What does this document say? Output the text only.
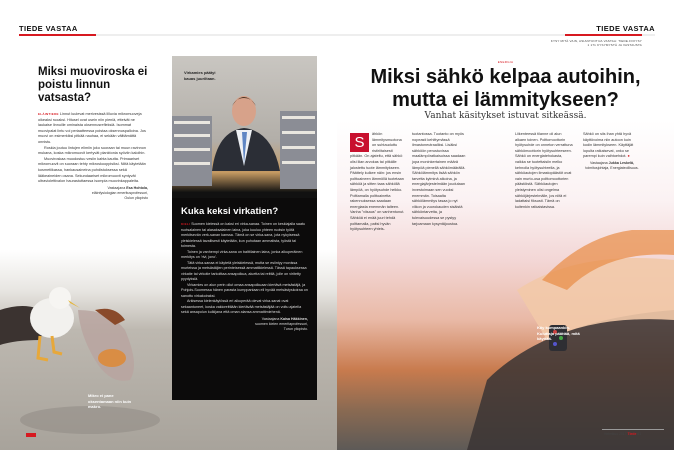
TIEDE VASTAA
Miksi muoviroska ei poistu linnun vatsasta?

ELÄINTIEDE Linnut luulevat merivesissä lilluvia mikromuoveja oikeaksi ruoaksi. Hitusel ovat usein niin pieniä, etteivät ne laukaise linnuille ominaista oksennusrefleksiä. Isommat muovipalat lintu voi periaatteessa poistaa oksennuspalloina. Jos muovi on esimerkiksi pitkää nauhaa, ei sekään välttämättä onnistu.

Roskia joutuu lintujen elimiin joko suoraan tai muun ravinnon mukana, koska mikromuovit kertyvät planktonia syöviin kaloihin.

Muoviroskaa muodostuu vesiin kahta kautta. Primaariset mikromuovit on suoraan tehty mikroskooppisiksi. Niitä käytetään kosmetiikassa, hankausaineina puhdistuksessa sekä lääkeaineiden osana. Sekundaariset mikromuovit syntyvät ultraviolettivalon haurastuttaessa isompia muovinkappaleita.

Vastaajana Esa Hohtola,
eläinfysiologian emeritusprofessori,
Oulun yliopisto
Mikro ei pane oksentamaan niin kuin makro.
Virkamies päätyi kauas juuriltaan.
Kuka keksi virkatien?

KIELI Suomen kielessä on kaksi eri virka-sanaa. Toinen on keskiajalla saatu ruotsalainen tai alasaksalainen laina, joka kuuluu yhteen ruotsin työtä merkitsevän verk-sanan kanssa. Tämä on se virka-sana, jota nykyisessä yleiskielessä tavallisesti käytetään, kun puhutaan ammatista, työstä tai toimesta.

Toinen ja vanhempi virka-sana on balttilainen laina, jonka alkuperäinen merkitys on 'rivi, jono'.

Tätä virka-sanaa ei käytetä yleiskielessä, mutta se esiintyy monissa murteissa ja metsästäjien perinteisessä ammattikielessä. Tässä tapauksessa virkatie tai virkotie tarkoittaa ansapolkua, aluetta tai reittiä, jolle on viritetty pyydyksiä.

Virkamies on alun perin ollut omaa ansapolkuaan kiertävä metsästäjä, ja Pohjois-Suomessa hänen parasta kumppaniaan eli hyvää metsästyskoiraa on sanottu virkakoiraksi.

Arkisessa kielenkäytössä eri alkuperää olevat virka-sanat ovat sekaantuneet, koska vakioreittiään kiertävää metsästäjää on voitu ajatella sekä ansapolun kulkijana että oman alansa ammattimiehenä.

Vastaajana Kaisa Häkkinen,
suomen kielen emeritaprofessori,
Turun yliopisto.
TIEDE VASTAA
KYSY MITÄ VAIN, ASIANTUNTIJA VASTAA: TIEDE.FI/KYSY
1 171 KYSYMYSTÄ JA VASTAUSTA
ENERGIA
Miksi sähkö kelpaa autoihin,
mutta ei lämmitykseen?
Vanhat käsitykset istuvat sitkeässä.
S	ähkön lämmitysmuotona on suhtauduttu ristiriitaisesti pitkään. On ajateltu, että sähkö olisi liian arvokas tai pitkälle jalostettu tuote lämmitykseen. Päättely kulkee näin: jos ensin polttoaineen lämmöllä tuotetaan sähköä ja sitten taas sähköllä lämpöä, on hyötysuhde heikko. Polttamalla polttoainetta rakennuksessa saadaan energiasta enemmän talteen. Vanha "viisaus" on vanhentunut. Sähköä ei enää juuri tehdä polttamalla, paitsi hyvän hyötysuhteen yhteis-
tuotantossa. Tuotanto on myös nopeasti kehittymässä ilmastoneutraaliksi. Lisäksi sähköön perustuvissa maalämpöratkaisuissa saadaan jopa moninkertainen määrä lämpöä pienellä sähkömäärällä. Sähkölämmitys lisää sähkön tarvetta kylminä aikoina, ja energiajärjestelmään joudutaan investoimaan sen vuoksi enemmän. Toisaalta sähkölämmitys tasaa jo nyt viikon ja vuorokauden sisäistä sähköntarvetta, ja tulevaisuudessa se pystyy tarjoamaan kysyntäjoustoa.
Liikenteessä tilanne oli alun alkaen toinen. Polttomoottorin hyötysuhde on onneton verrattuna sähkömoottorin hyötysuhteeseen. Sähkö on energiatehokasta, vaikka se tuotettaisiin melko kehnolla hyötysuhteella, ja sähköautojen ilmastopäästöt ovat vain murto-osa polttomoottorien päästöistä. Sähköautojen yleistyminen olisi ongelma sähköjärjestelmälle, jos niitä ei ladattaisi fiksusti. Tämä on kuitenkin ratkaistavissa.
Sähkö on siis ihan yhtä hyvä käyttövoima niin autoon kuin kodin lämmitykseen. Käyttäjät lopulta ratkaisevat, onko se parempi kuin vaihtoehdot. ●
Vastaajana Jukka Leskelä,
toimitusjohtaja, Energiateollisuus.
Käy kumpaankin. Kuluttaja päättää, mitä käyttää.
Helmikuu 2017 Tiede 61
